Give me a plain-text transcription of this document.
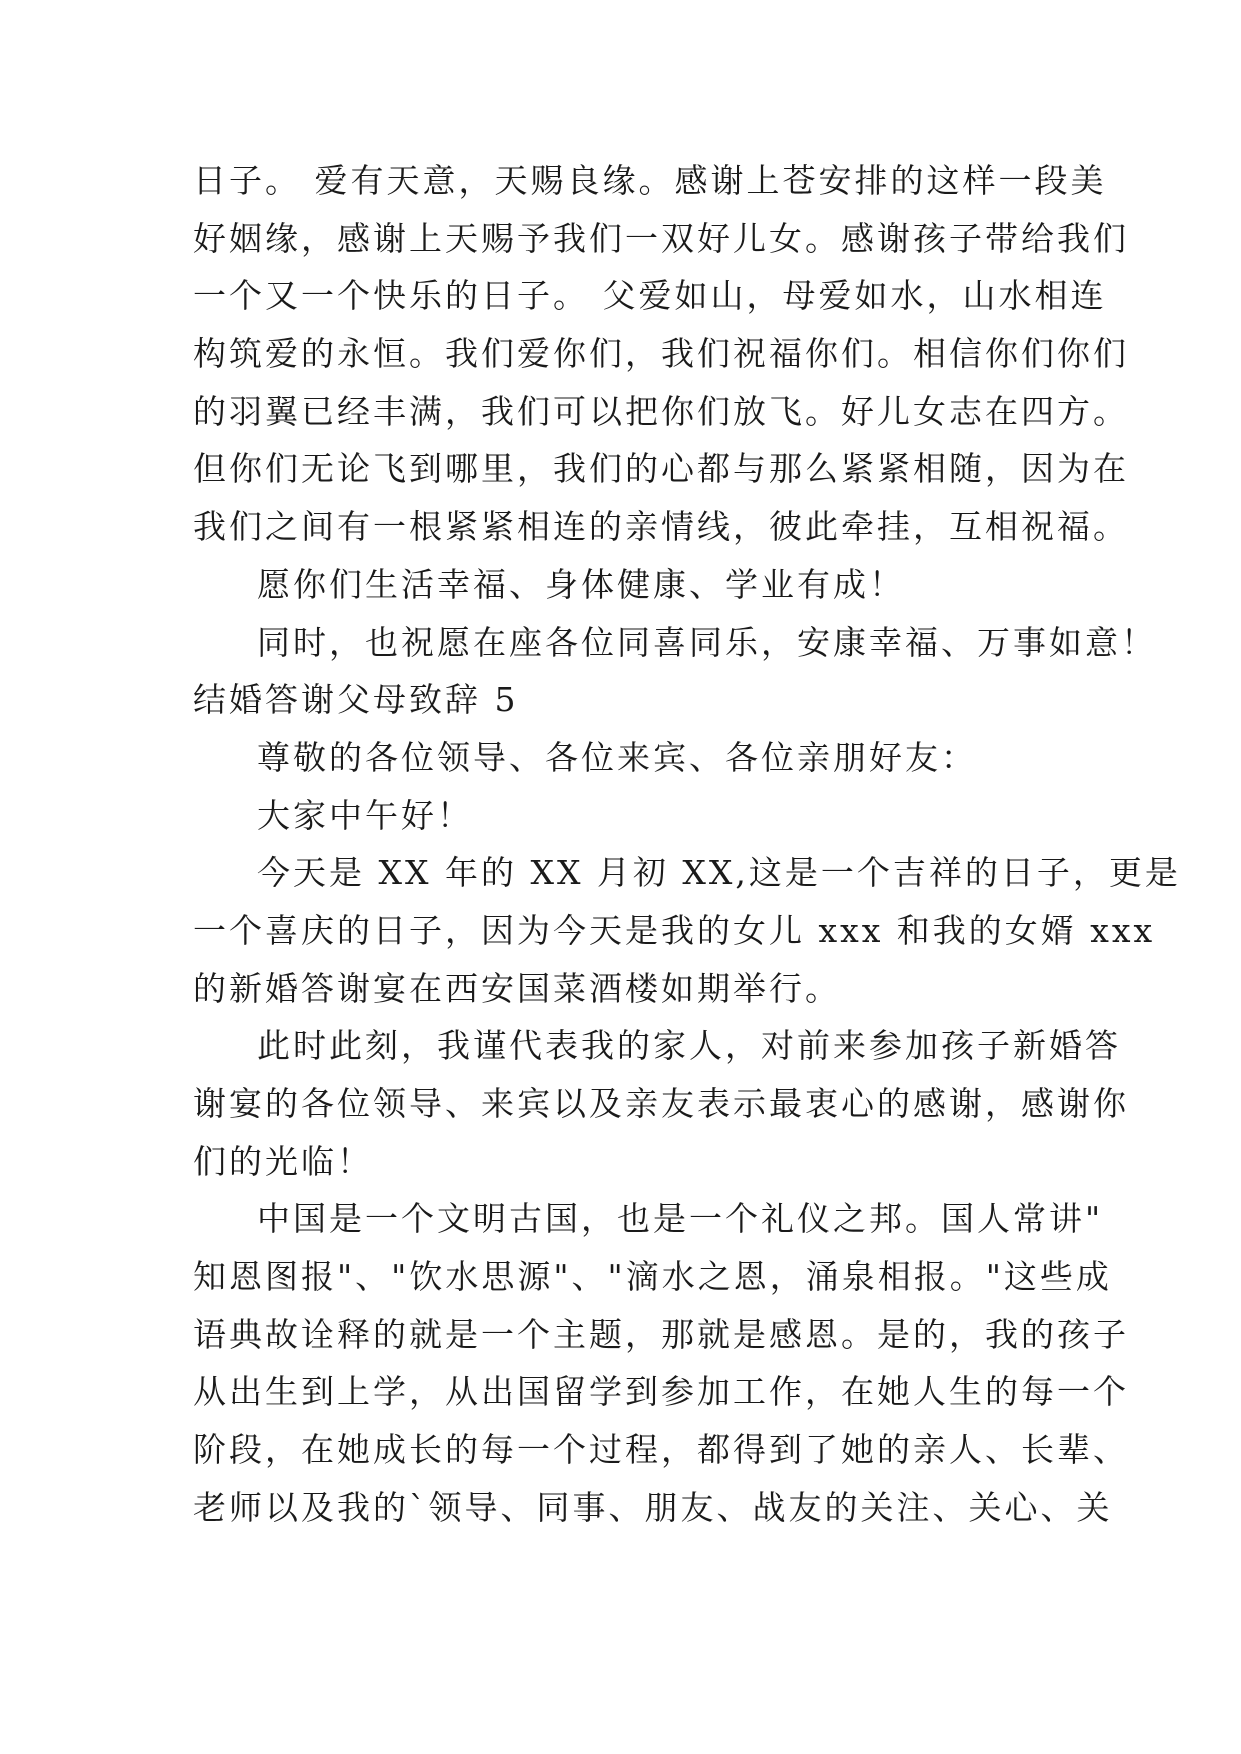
日子。 爱有天意，天赐良缘。感谢上苍安排的这样一段美
好姻缘，感谢上天赐予我们一双好儿女。感谢孩子带给我们
一个又一个快乐的日子。 父爱如山，母爱如水，山水相连
构筑爱的永恒。我们爱你们，我们祝福你们。相信你们你们
的羽翼已经丰满，我们可以把你们放飞。好儿女志在四方。
但你们无论飞到哪里，我们的心都与那么紧紧相随，因为在
我们之间有一根紧紧相连的亲情线，彼此牵挂，互相祝福。
愿你们生活幸福、身体健康、学业有成！
同时，也祝愿在座各位同喜同乐，安康幸福、万事如意！
结婚答谢父母致辞 5
尊敬的各位领导、各位来宾、各位亲朋好友：
大家中午好！
今天是 XX 年的 XX 月初 XX,这是一个吉祥的日子，更是
一个喜庆的日子，因为今天是我的女儿 xxx 和我的女婿 xxx
的新婚答谢宴在西安国菜酒楼如期举行。
此时此刻，我谨代表我的家人，对前来参加孩子新婚答
谢宴的各位领导、来宾以及亲友表示最衷心的感谢，感谢你
们的光临！
中国是一个文明古国，也是一个礼仪之邦。国人常讲"
知恩图报"、"饮水思源"、"滴水之恩，涌泉相报。"这些成
语典故诠释的就是一个主题，那就是感恩。是的，我的孩子
从出生到上学，从出国留学到参加工作，在她人生的每一个
阶段，在她成长的每一个过程，都得到了她的亲人、长辈、
老师以及我的`领导、同事、朋友、战友的关注、关心、关
